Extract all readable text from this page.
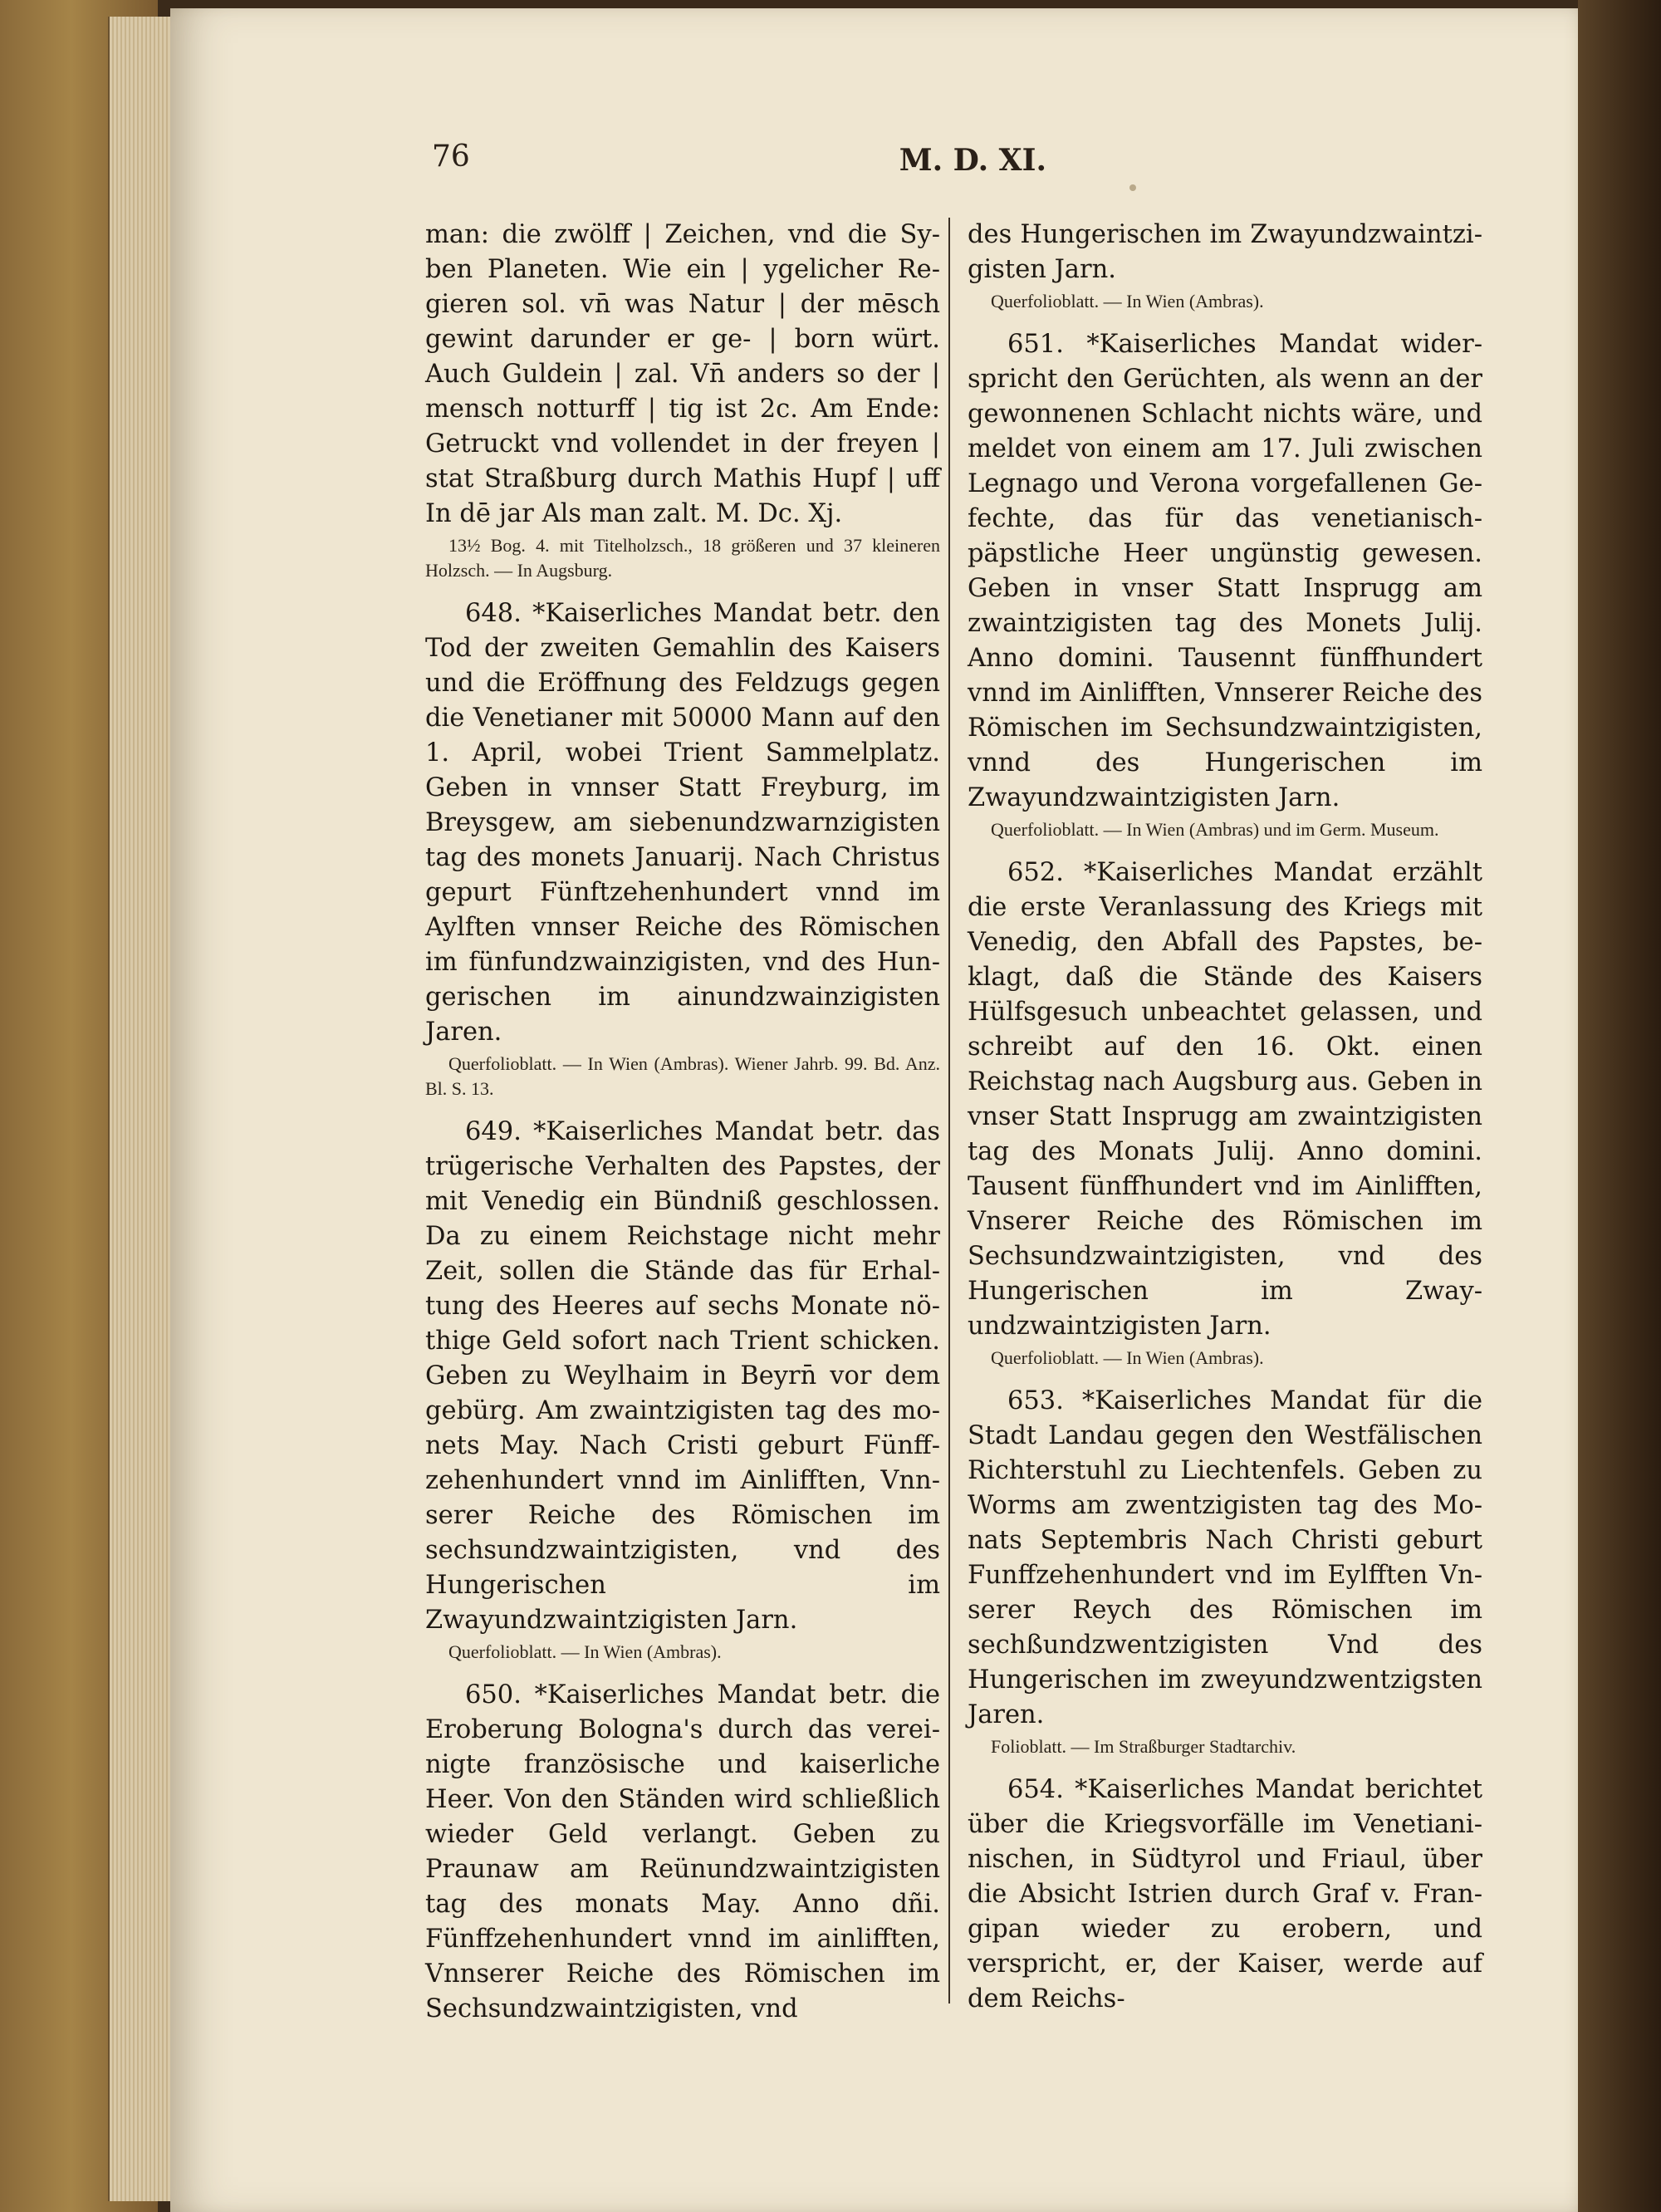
76	M. D. XI.

man: die zwölff | Zeichen, vnd die Syben Planeten. Wie ein | ygelicher Regieren sol. vn̄ was Natur | der mēsch gewint darunder er ge- | born würt. Auch Guldein | zal. Vn̄ anders so der | mensch notturff | tig ist 2c. Am Ende: Getruckt vnd vollendet in der freyen | stat Straßburg durch Mathis Hupf | uff In dē jar Als man zalt. M. Dc. Xj.

13½ Bog. 4. mit Titelholzsch., 18 größeren und 37 kleineren Holzsch. — In Augsburg.

648. *Kaiserliches Mandat betr. den Tod der zweiten Gemahlin des Kaisers und die Eröffnung des Feldzugs gegen die Venetianer mit 50000 Mann auf den 1. April, wobei Trient Sammelplatz. Geben in vnnser Statt Freyburg, im Breysgew, am siebenundzwarnzigisten tag des monets Januarij. Nach Christus gepurt Fünftzehenhundert vnnd im Aylften vnnser Reiche des Römischen im fünfundzwainzigisten, vnd des Hungerischen im ainundzwainzigisten Jaren.

Querfolioblatt. — In Wien (Ambras). Wiener Jahrb. 99. Bd. Anz. Bl. S. 13.

649. *Kaiserliches Mandat betr. das trügerische Verhalten des Papstes, der mit Venedig ein Bündniß geschlossen. Da zu einem Reichstage nicht mehr Zeit, sollen die Stände das für Erhaltung des Heeres auf sechs Monate nöthige Geld sofort nach Trient schicken. Geben zu Weylhaim in Beyrn̄ vor dem gebürg. Am zwaintzigisten tag des monets May. Nach Cristi geburt Fünffzehenhundert vnnd im Ainlifften, Vnnserer Reiche des Römischen im sechsundzwaintzigisten, vnd des Hungerischen im Zwayundzwaintzigisten Jarn.

Querfolioblatt. — In Wien (Ambras).

650. *Kaiserliches Mandat betr. die Eroberung Bologna's durch das vereinigte französische und kaiserliche Heer. Von den Ständen wird schließlich wieder Geld verlangt. Geben zu Praunaw am Reünundzwaintzigisten tag des monats May. Anno dñi. Fünffzehenhundert vnnd im ainlifften, Vnnserer Reiche des Römischen im Sechsundzwaintzigisten, vnd

des Hungerischen im Zwayundzwaintzigisten Jarn.

Querfolioblatt. — In Wien (Ambras).

651. *Kaiserliches Mandat widerspricht den Gerüchten, als wenn an der gewonnenen Schlacht nichts wäre, und meldet von einem am 17. Juli zwischen Legnago und Verona vorgefallenen Gefechte, das für das venetianisch-päpstliche Heer ungünstig gewesen. Geben in vnser Statt Insprugg am zwaintzigisten tag des Monets Julij. Anno domini. Tausennt fünffhundert vnnd im Ainlifften, Vnnserer Reiche des Römischen im Sechsundzwaintzigisten, vnnd des Hungerischen im Zwayundzwaintzigisten Jarn.

Querfolioblatt. — In Wien (Ambras) und im Germ. Museum.

652. *Kaiserliches Mandat erzählt die erste Veranlassung des Kriegs mit Venedig, den Abfall des Papstes, beklagt, daß die Stände des Kaisers Hülfsgesuch unbeachtet gelassen, und schreibt auf den 16. Okt. einen Reichstag nach Augsburg aus. Geben in vnser Statt Insprugg am zwaintzigisten tag des Monats Julij. Anno domini. Tausent fünffhundert vnd im Ainlifften, Vnserer Reiche des Römischen im Sechsundzwaintzigisten, vnd des Hungerischen im Zwayundzwaintzigisten Jarn.

Querfolioblatt. — In Wien (Ambras).

653. *Kaiserliches Mandat für die Stadt Landau gegen den Westfälischen Richterstuhl zu Liechtenfels. Geben zu Worms am zwentzigisten tag des Monats Septembris Nach Christi geburt Funffzehenhundert vnd im Eylfften Vnserer Reych des Römischen im sechßundzwentzigisten Vnd des Hungerischen im zweyundzwentzigsten Jaren.

Folioblatt. — Im Straßburger Stadtarchiv.

654. *Kaiserliches Mandat berichtet über die Kriegsvorfälle im Venetianinischen, in Südtyrol und Friaul, über die Absicht Istrien durch Graf v. Frangipan wieder zu erobern, und verspricht, er, der Kaiser, werde auf dem Reichs-
